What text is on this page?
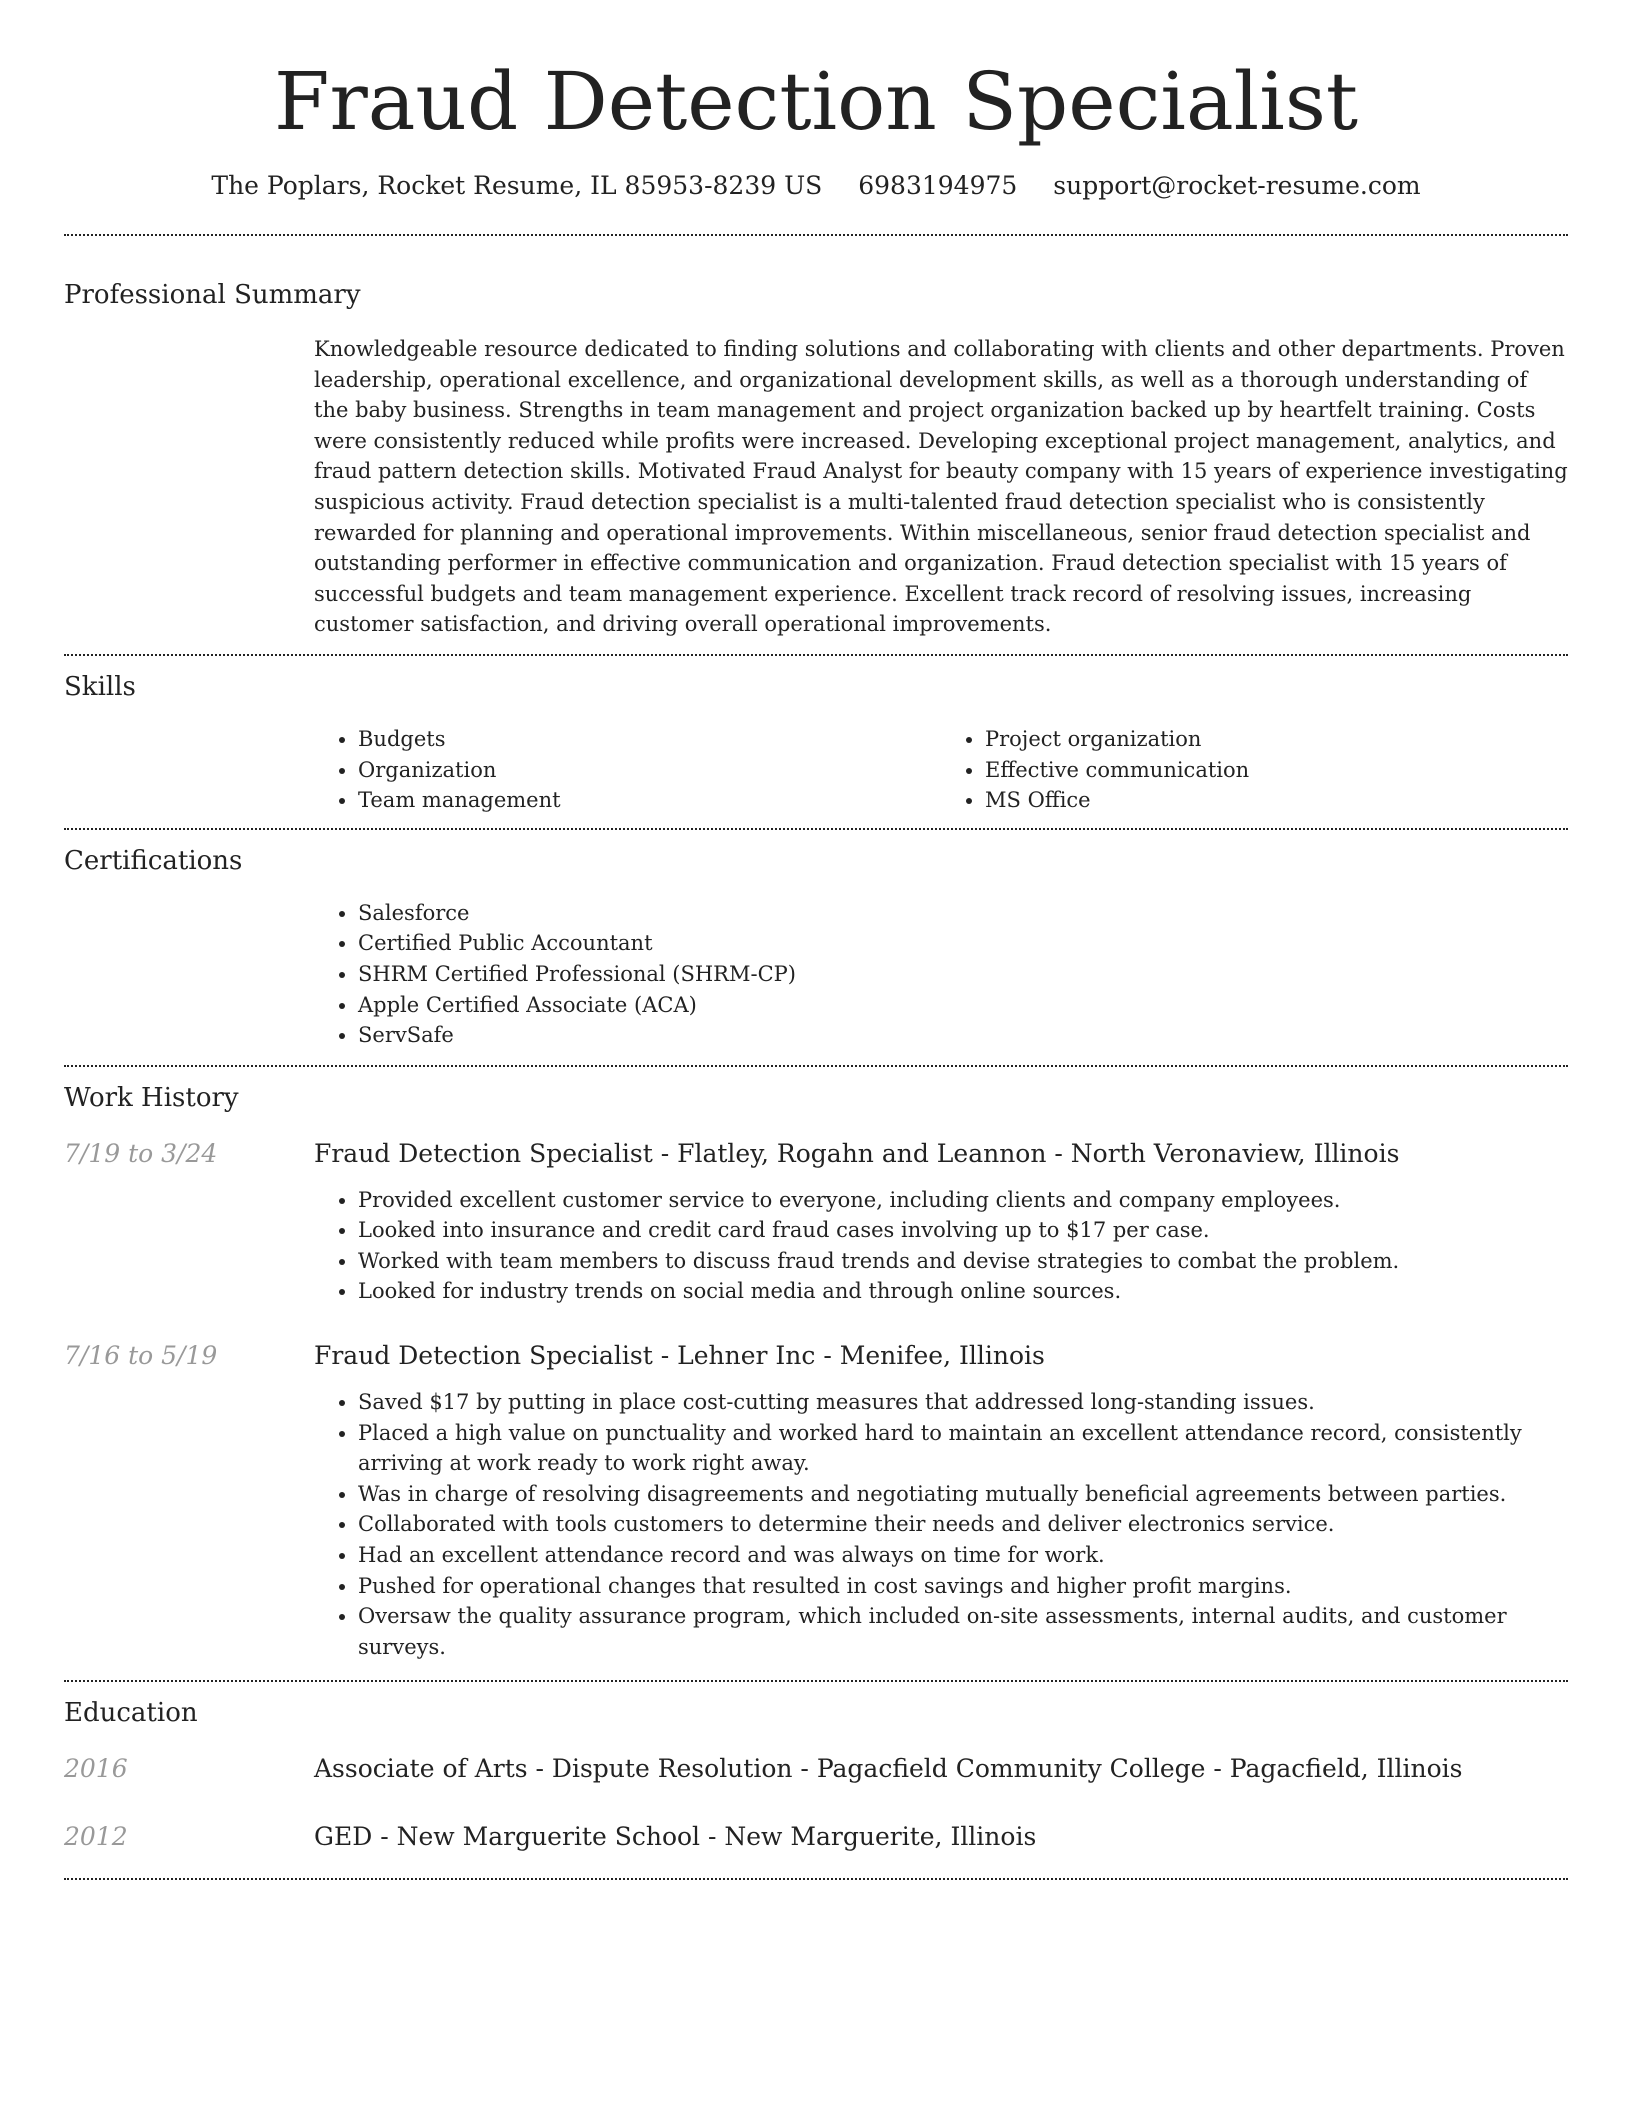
Fraud Detection Specialist
The Poplars, Rocket Resume, IL 85953-8239 US 6983194975 support@rocket-resume.com
Professional Summary
Knowledgeable resource dedicated to finding solutions and collaborating with clients and other departments. Proven leadership, operational excellence, and organizational development skills, as well as a thorough understanding of the baby business. Strengths in team management and project organization backed up by heartfelt training. Costs were consistently reduced while profits were increased. Developing exceptional project management, analytics, and fraud pattern detection skills. Motivated Fraud Analyst for beauty company with 15 years of experience investigating suspicious activity. Fraud detection specialist is a multi-talented fraud detection specialist who is consistently rewarded for planning and operational improvements. Within miscellaneous, senior fraud detection specialist and outstanding performer in effective communication and organization. Fraud detection specialist with 15 years of successful budgets and team management experience. Excellent track record of resolving issues, increasing customer satisfaction, and driving overall operational improvements.
Skills
• Budgets
• Organization
• Team management
• Project organization
• Effective communication
• MS Office
Certifications
• Salesforce
• Certified Public Accountant
• SHRM Certified Professional (SHRM-CP)
• Apple Certified Associate (ACA)
• ServSafe
Work History
7/19 to 3/24	Fraud Detection Specialist - Flatley, Rogahn and Leannon - North Veronaview, Illinois
• Provided excellent customer service to everyone, including clients and company employees.
• Looked into insurance and credit card fraud cases involving up to $17 per case.
• Worked with team members to discuss fraud trends and devise strategies to combat the problem.
• Looked for industry trends on social media and through online sources.
7/16 to 5/19	Fraud Detection Specialist - Lehner Inc - Menifee, Illinois
• Saved $17 by putting in place cost-cutting measures that addressed long-standing issues.
• Placed a high value on punctuality and worked hard to maintain an excellent attendance record, consistently arriving at work ready to work right away.
• Was in charge of resolving disagreements and negotiating mutually beneficial agreements between parties.
• Collaborated with tools customers to determine their needs and deliver electronics service.
• Had an excellent attendance record and was always on time for work.
• Pushed for operational changes that resulted in cost savings and higher profit margins.
• Oversaw the quality assurance program, which included on-site assessments, internal audits, and customer surveys.
Education
2016	Associate of Arts - Dispute Resolution - Pagacfield Community College - Pagacfield, Illinois
2012	GED - New Marguerite School - New Marguerite, Illinois
